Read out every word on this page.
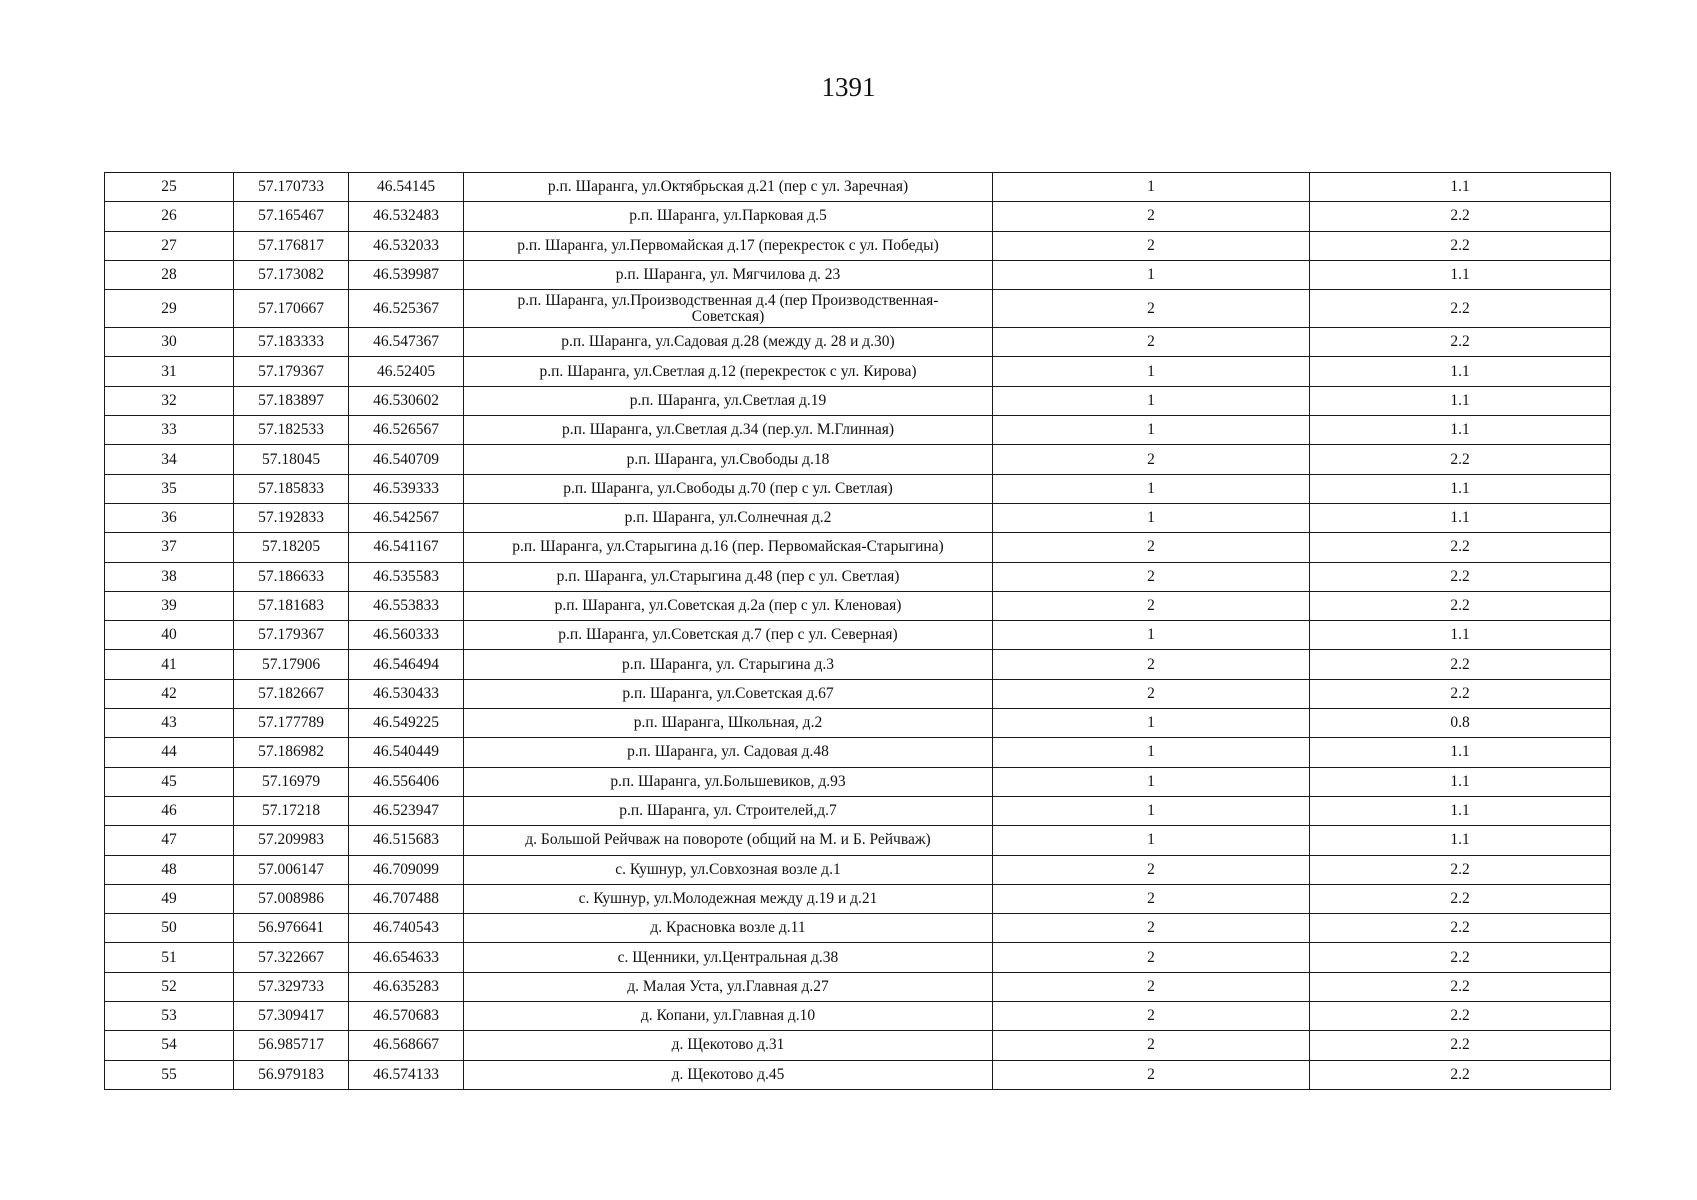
1391
25	57.170733	46.54145	р.п. Шаранга, ул.Октябрьская д.21 (пер с ул. Заречная)	1	1.1
26	57.165467	46.532483	р.п. Шаранга, ул.Парковая д.5	2	2.2
27	57.176817	46.532033	р.п. Шаранга, ул.Первомайская д.17 (перекресток с ул. Победы)	2	2.2
28	57.173082	46.539987	р.п. Шаранга, ул. Мягчилова д. 23	1	1.1
29	57.170667	46.525367	р.п. Шаранга, ул.Производственная д.4 (пер Производственная-Советская)	2	2.2
30	57.183333	46.547367	р.п. Шаранга, ул.Садовая д.28 (между д. 28 и д.30)	2	2.2
31	57.179367	46.52405	р.п. Шаранга, ул.Светлая д.12 (перекресток с ул. Кирова)	1	1.1
32	57.183897	46.530602	р.п. Шаранга, ул.Светлая д.19	1	1.1
33	57.182533	46.526567	р.п. Шаранга, ул.Светлая д.34 (пер.ул. М.Глинная)	1	1.1
34	57.18045	46.540709	р.п. Шаранга, ул.Свободы д.18	2	2.2
35	57.185833	46.539333	р.п. Шаранга, ул.Свободы д.70 (пер с ул. Светлая)	1	1.1
36	57.192833	46.542567	р.п. Шаранга, ул.Солнечная д.2	1	1.1
37	57.18205	46.541167	р.п. Шаранга, ул.Старыгина д.16 (пер. Первомайская-Старыгина)	2	2.2
38	57.186633	46.535583	р.п. Шаранга, ул.Старыгина д.48 (пер с ул. Светлая)	2	2.2
39	57.181683	46.553833	р.п. Шаранга, ул.Советская д.2а (пер с ул. Кленовая)	2	2.2
40	57.179367	46.560333	р.п. Шаранга, ул.Советская д.7 (пер с ул. Северная)	1	1.1
41	57.17906	46.546494	р.п. Шаранга, ул. Старыгина д.3	2	2.2
42	57.182667	46.530433	р.п. Шаранга, ул.Советская д.67	2	2.2
43	57.177789	46.549225	р.п. Шаранга, Школьная, д.2	1	0.8
44	57.186982	46.540449	р.п. Шаранга, ул. Садовая д.48	1	1.1
45	57.16979	46.556406	р.п. Шаранга, ул.Большевиков, д.93	1	1.1
46	57.17218	46.523947	р.п. Шаранга, ул. Строителей,д.7	1	1.1
47	57.209983	46.515683	д. Большой Рейчваж на повороте (общий на М. и Б. Рейчваж)	1	1.1
48	57.006147	46.709099	с. Кушнур, ул.Совхозная возле д.1	2	2.2
49	57.008986	46.707488	с. Кушнур, ул.Молодежная между д.19 и д.21	2	2.2
50	56.976641	46.740543	д. Красновка возле д.11	2	2.2
51	57.322667	46.654633	с. Щенники, ул.Центральная д.38	2	2.2
52	57.329733	46.635283	д. Малая Уста, ул.Главная д.27	2	2.2
53	57.309417	46.570683	д. Копани, ул.Главная д.10	2	2.2
54	56.985717	46.568667	д. Щекотово д.31	2	2.2
55	56.979183	46.574133	д. Щекотово д.45	2	2.2
